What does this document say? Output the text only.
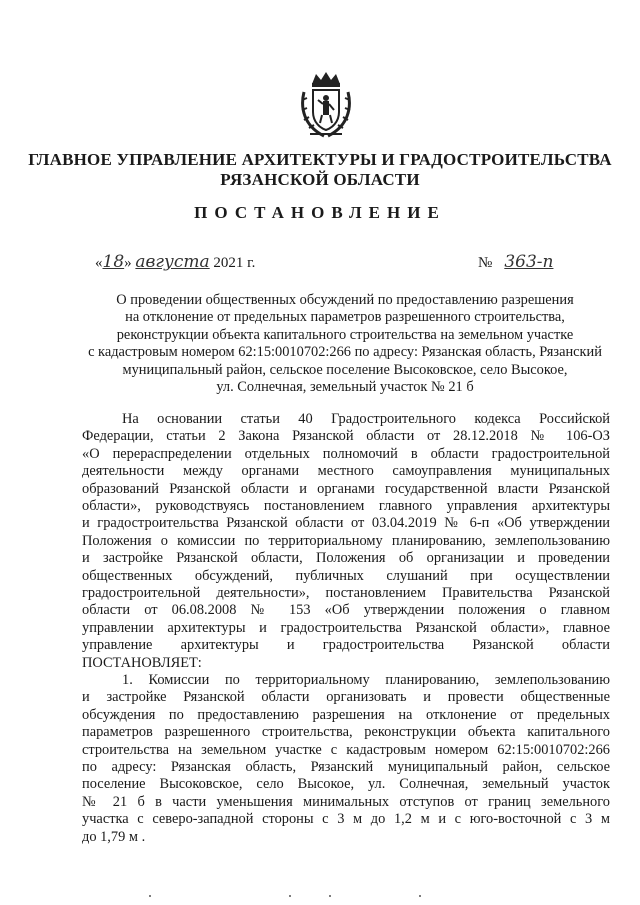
ГЛАВНОЕ УПРАВЛЕНИЕ АРХИТЕКТУРЫ И ГРАДОСТРОИТЕЛЬСТВА
РЯЗАНСКОЙ ОБЛАСТИ
ПОСТАНОВЛЕНИЕ
«18» августа 2021 г.	№ 363-п
О проведении общественных обсуждений по предоставлению разрешения
на отклонение от предельных параметров разрешенного строительства,
реконструкции объекта капитального строительства на земельном участке
с кадастровым номером 62:15:0010702:266 по адресу: Рязанская область, Рязанский
муниципальный район, сельское поселение Высоковское, село Высокое,
ул. Солнечная, земельный участок № 21 б
На основании статьи 40 Градостроительного кодекса Российской
Федерации, статьи 2 Закона Рязанской области от 28.12.2018 № 106-ОЗ
«О перераспределении отдельных полномочий в области градостроительной
деятельности между органами местного самоуправления муниципальных
образований Рязанской области и органами государственной власти Рязанской
области», руководствуясь постановлением главного управления архитектуры
и градостроительства Рязанской области от 03.04.2019 № 6-п «Об утверждении
Положения о комиссии по территориальному планированию, землепользованию
и застройке Рязанской области, Положения об организации и проведении
общественных обсуждений, публичных слушаний при осуществлении
градостроительной деятельности», постановлением Правительства Рязанской
области от 06.08.2008 № 153 «Об утверждении положения о главном
управлении архитектуры и градостроительства Рязанской области», главное
управление архитектуры и градостроительства Рязанской области
ПОСТАНОВЛЯЕТ:
1. Комиссии по территориальному планированию, землепользованию
и застройке Рязанской области организовать и провести общественные
обсуждения по предоставлению разрешения на отклонение от предельных
параметров разрешенного строительства, реконструкции объекта капитального
строительства на земельном участке с кадастровым номером 62:15:0010702:266
по адресу: Рязанская область, Рязанский муниципальный район, сельское
поселение Высоковское, село Высокое, ул. Солнечная, земельный участок
№ 21 б в части уменьшения минимальных отступов от границ земельного
участка с северо-западной стороны с 3 м до 1,2 м и с юго-восточной с 3 м
до 1,79 м .
